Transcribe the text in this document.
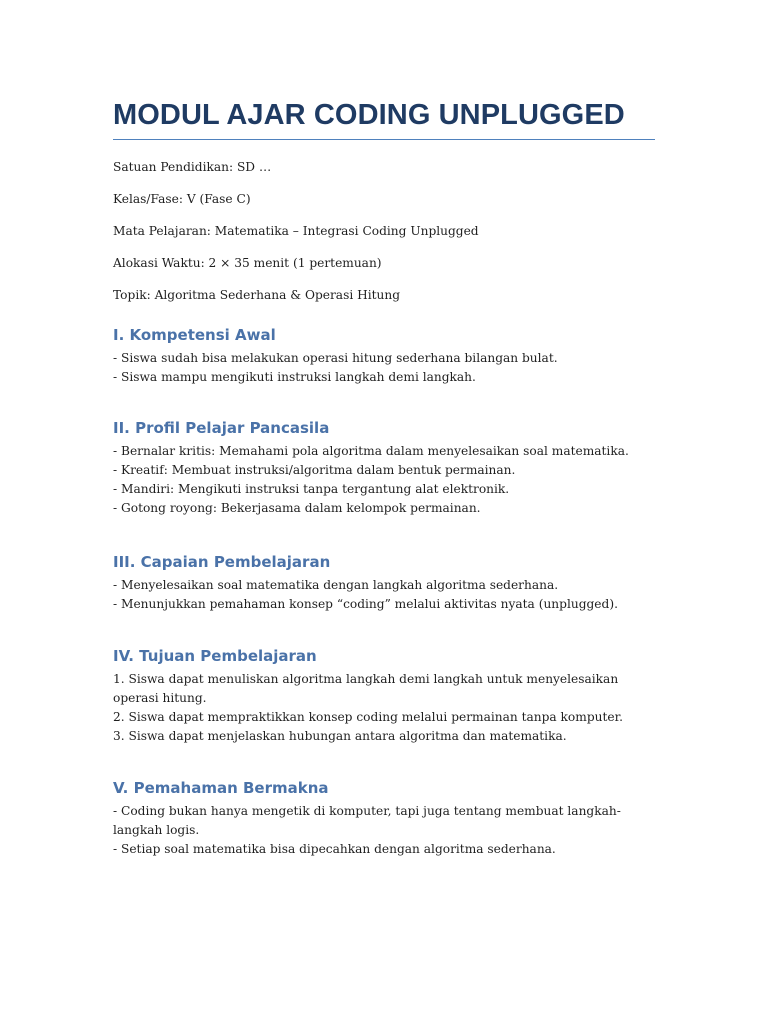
MODUL AJAR CODING UNPLUGGED

Satuan Pendidikan: SD …

Kelas/Fase: V (Fase C)

Mata Pelajaran: Matematika – Integrasi Coding Unplugged

Alokasi Waktu: 2 × 35 menit (1 pertemuan)

Topik: Algoritma Sederhana & Operasi Hitung

I. Kompetensi Awal
- Siswa sudah bisa melakukan operasi hitung sederhana bilangan bulat.
- Siswa mampu mengikuti instruksi langkah demi langkah.
II. Profil Pelajar Pancasila
- Bernalar kritis: Memahami pola algoritma dalam menyelesaikan soal matematika.
- Kreatif: Membuat instruksi/algoritma dalam bentuk permainan.
- Mandiri: Mengikuti instruksi tanpa tergantung alat elektronik.
- Gotong royong: Bekerjasama dalam kelompok permainan.
III. Capaian Pembelajaran
- Menyelesaikan soal matematika dengan langkah algoritma sederhana.
- Menunjukkan pemahaman konsep “coding” melalui aktivitas nyata (unplugged).
IV. Tujuan Pembelajaran
1. Siswa dapat menuliskan algoritma langkah demi langkah untuk menyelesaikan operasi hitung.
2. Siswa dapat mempraktikkan konsep coding melalui permainan tanpa komputer.
3. Siswa dapat menjelaskan hubungan antara algoritma dan matematika.
V. Pemahaman Bermakna
- Coding bukan hanya mengetik di komputer, tapi juga tentang membuat langkah-langkah logis.
- Setiap soal matematika bisa dipecahkan dengan algoritma sederhana.
